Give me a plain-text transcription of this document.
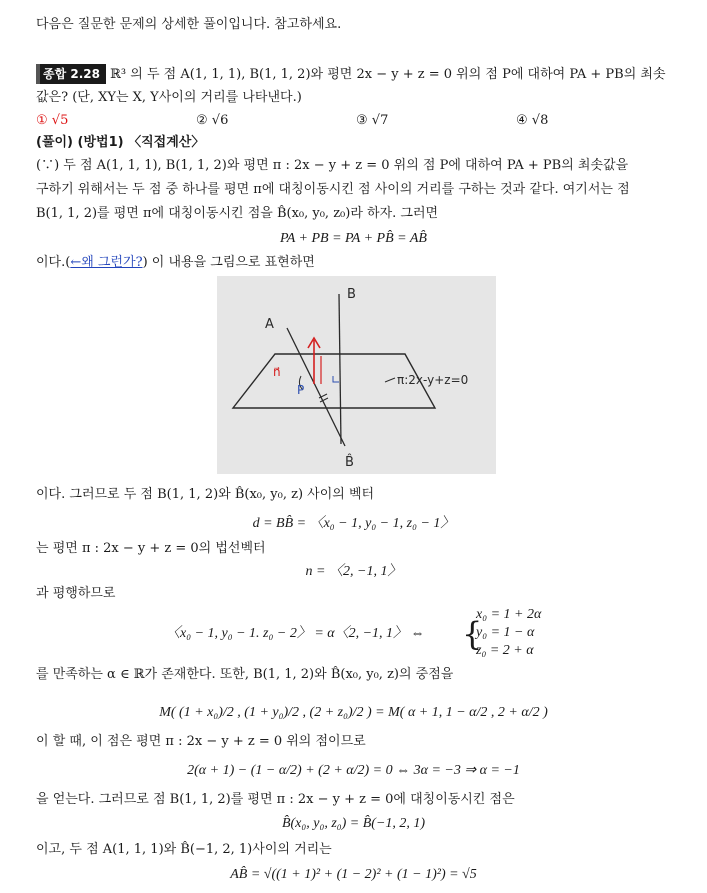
다음은 질문한 문제의 상세한 풀이입니다. 참고하세요.
종합 2.28 ℝ³ 의 두 점 A(1, 1, 1), B(1, 1, 2)와 평면 2x − y + z = 0 위의 점 P에 대하여 PA + PB의 최솟
값은? (단, XY는 X, Y사이의 거리를 나타낸다.)
① √5	② √6	③ √7	④ √8
(풀이) (방법1) 〈직접계산〉
(∵) 두 점 A(1, 1, 1), B(1, 1, 2)와 평면 π : 2x − y + z = 0 위의 점 P에 대하여 PA + PB의 최솟값을
구하기 위해서는 두 점 중 하나를 평면 π에 대칭이동시킨 점 사이의 거리를 구하는 것과 같다. 여기서는 점
B(1, 1, 2)를 평면 π에 대칭이동시킨 점을 B̂(x₀, y₀, z₀)라 하자. 그러면
PA + PB = PA + PB̂ = AB̂
이다.(←왜 그런가?) 이 내용을 그림으로 표현하면
A
B
B̂
n⃗
P
π:2x-y+z=0
이다. 그러므로 두 점 B(1, 1, 2)와 B̂(x₀, y₀, z) 사이의 벡터
d = BB̂ = 〈x₀ − 1, y₀ − 1, z₀ − 1〉
는 평면 π : 2x − y + z = 0의 법선벡터
n = 〈2, −1, 1〉
과 평행하므로
〈x₀ − 1, y₀ − 1. z₀ − 2〉 = α〈2, −1, 1〉 ⇔ {
x₀ = 1 + 2α
y₀ = 1 − α
z₀ = 2 + α
를 만족하는 α ∈ ℝ가 존재한다. 또한, B(1, 1, 2)와 B̂(x₀, y₀, z)의 중점을
M( (1 + x₀)/2 , (1 + y₀)/2 , (2 + z₀)/2 ) = M( α + 1, 1 − α/2 , 2 + α/2 )
이 할 때, 이 점은 평면 π : 2x − y + z = 0 위의 점이므로
2(α + 1) − (1 − α/2) + (2 + α/2) = 0 ⇔ 3α = −3 ⇒ α = −1
을 얻는다. 그러므로 점 B(1, 1, 2)를 평면 π : 2x − y + z = 0에 대칭이동시킨 점은
B̂(x₀, y₀, z₀) = B̂(−1, 2, 1)
이고, 두 점 A(1, 1, 1)와 B̂(−1, 2, 1)사이의 거리는
AB̂ = √((1 + 1)² + (1 − 2)² + (1 − 1)²) = √5
